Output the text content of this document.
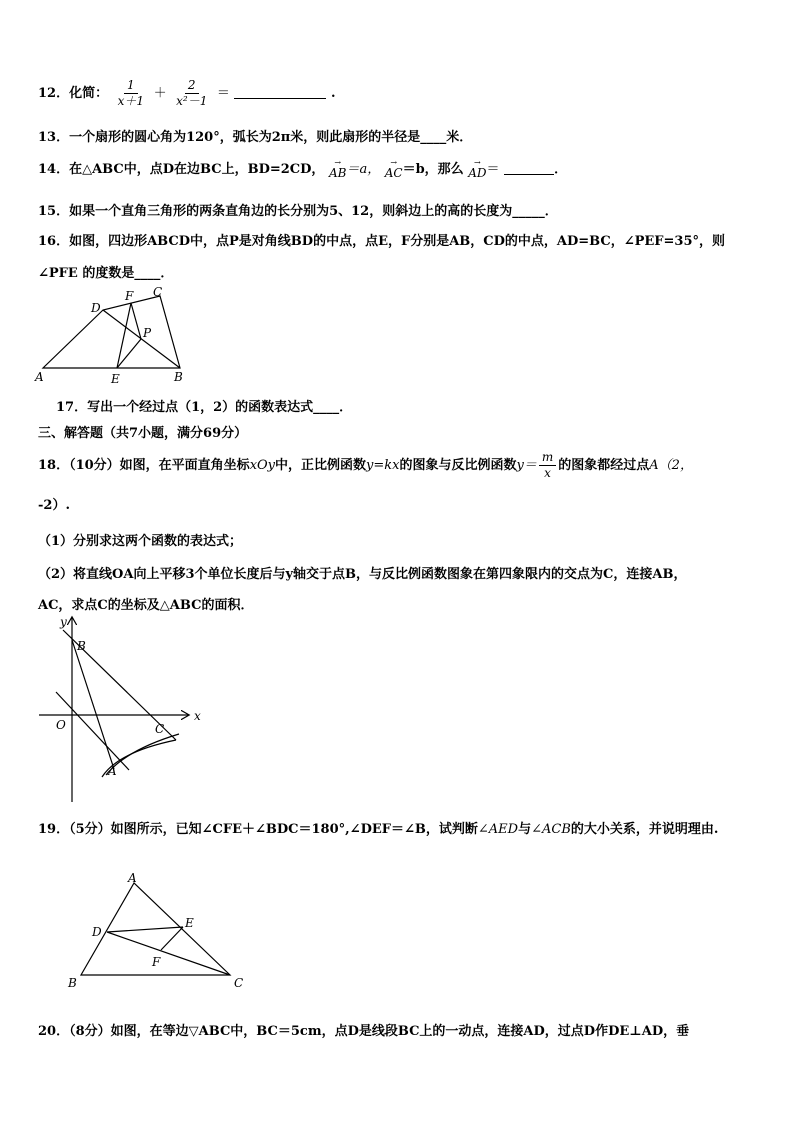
12．化简： $\frac{1}{x+1} + \frac{2}{\text{x²－1}}$ ＝	.
13．一个扇形的圆心角为120°，弧长为2π米，则此扇形的半径是____米．
14．在△ABC中，点D在边BC上，BD=2CD， →
AB ＝a， →
AC ＝b，那么 →
AD ＝	．
15．如果一个直角三角形的两条直角边的长分别为5、12，则斜边上的高的长度为_____．
16．如图，四边形ABCD中，点P是对角线BD的中点，点E，F分别是AB，CD的中点，AD=BC，∠PEF=35°，则
∠PFE 的度数是____．
A	B
C
D
E
F
P
17．写出一个经过点（1，2）的函数表达式____．
三、解答题（共7小题，满分69分）
18．（10分）如图，在平面直角坐标xOy中，正比例函数y=kx的图象与反比例函数$y= \frac{m}{x}$ 的图象都经过点A（2，
-2）.
（1）分别求这两个函数的表达式；
（2）将直线OA向上平移3个单位长度后与y轴交于点B，与反比例函数图象在第四象限内的交点为C，连接AB，
AC，求点C的坐标及△ABC的面积．
y
x
O
B
C
A
19．（5分）如图所示，已知∠CFE＋∠BDC＝180°,∠DEF＝∠B，试判断∠AED与∠ACB的大小关系，并说明理由.
A
B	C
D
E
F
20．（8分）如图，在等边▽ABC中，BC＝5cm，点D是线段BC上的一动点，连接AD，过点D作DE⊥AD，垂
